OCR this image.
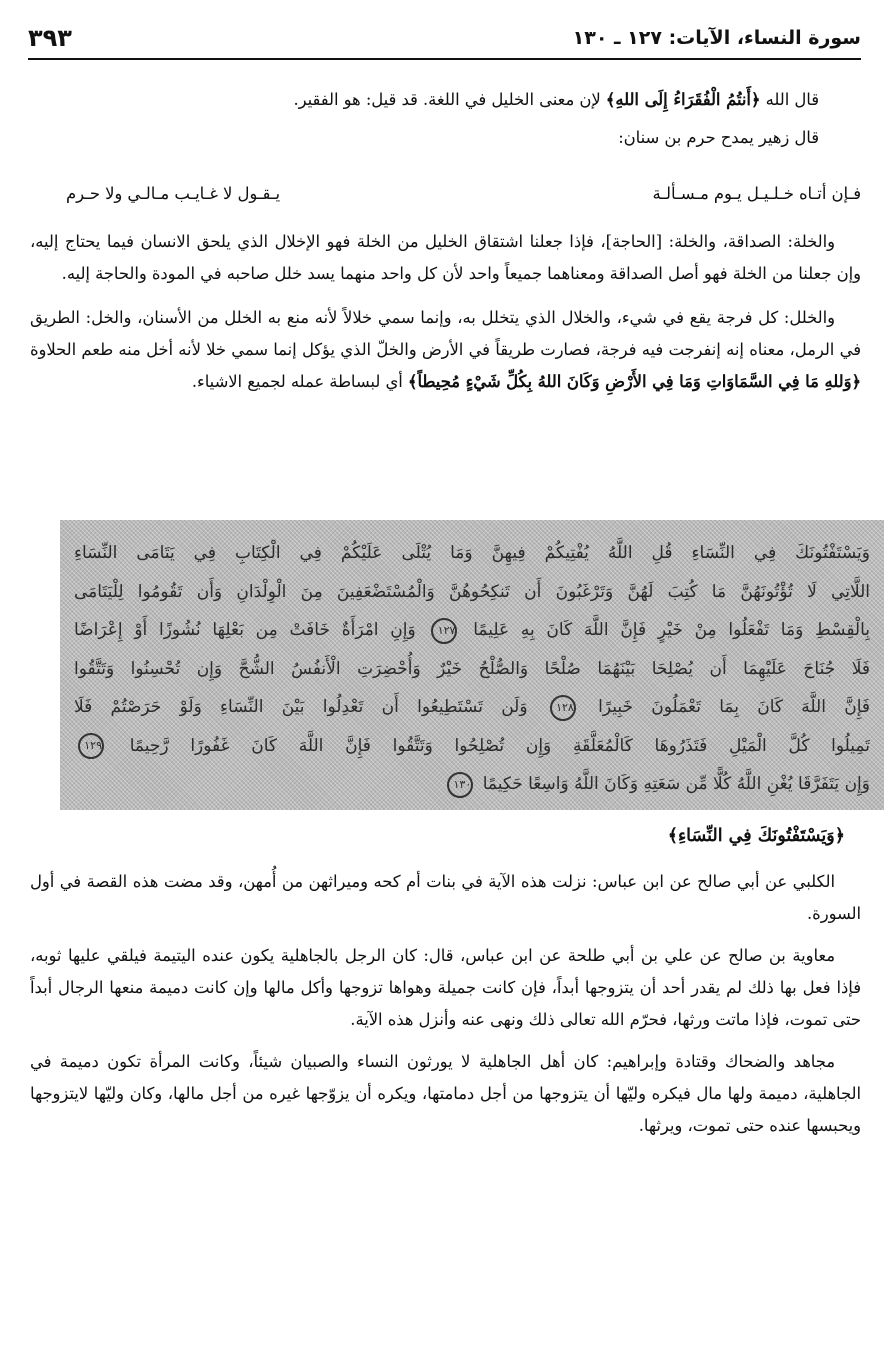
سورة النساء، الآيات: ١٢٧ ـ ١٣٠
٣٩٣

قال الله ﴿أَنتُمُ الْفُقَرَاءُ إِلَى اللهِ﴾ لإن معنى الخليل في اللغة. قد قيل: هو الفقير.

قال زهير يمدح حرم بن سنان:

فـإن أتـاه خـلـيـل يـوم مـسـألـة
يـقـول لا غـايـب مـالـي ولا حـرم

والخلة: الصداقة، والخلة: [الحاجة]، فإذا جعلنا اشتقاق الخليل من الخلة فهو الإخلال الذي يلحق الانسان فيما يحتاج إليه، وإن جعلنا من الخلة فهو أصل الصداقة ومعناهما جميعاً واحد لأن كل واحد منهما يسد خلل صاحبه في المودة والحاجة إليه.

والخلل: كل فرجة يقع في شيء، والخلال الذي يتخلل به، وإنما سمي خلالاً لأنه منع به الخلل من الأسنان، والخل: الطريق في الرمل، معناه إنه إنفرجت فيه فرجة، فصارت طريقاً في الأرض والخلّ الذي يؤكل إنما سمي خلا لأنه أخل منه طعم الحلاوة ﴿وَللهِ مَا فِي السَّمَاوَاتِ وَمَا فِي الأَرْضِ وَكَانَ اللهُ بِكُلِّ شَيْءٍ مُحِيطاً﴾ أي لبساطة عمله لجميع الاشياء.

وَيَسْتَفْتُونَكَ فِي النِّسَاءِ قُلِ اللَّهُ يُفْتِيكُمْ فِيهِنَّ وَمَا يُتْلَى عَلَيْكُمْ فِي الْكِتَابِ فِي يَتَامَى النِّسَاءِ
اللَّاتِي لَا تُؤْتُونَهُنَّ مَا كُتِبَ لَهُنَّ وَتَرْغَبُونَ أَن تَنكِحُوهُنَّ وَالْمُسْتَضْعَفِينَ مِنَ الْوِلْدَانِ وَأَن تَقُومُوا لِلْيَتَامَى
بِالْقِسْطِ وَمَا تَفْعَلُوا مِنْ خَيْرٍ فَإِنَّ اللَّهَ كَانَ بِهِ عَلِيمًا ١٢٧ وَإِنِ امْرَأَةٌ خَافَتْ مِن بَعْلِهَا نُشُوزًا أَوْ إِعْرَاضًا
فَلَا جُنَاحَ عَلَيْهِمَا أَن يُصْلِحَا بَيْنَهُمَا صُلْحًا وَالصُّلْحُ خَيْرٌ وَأُحْضِرَتِ الْأَنفُسُ الشُّحَّ وَإِن تُحْسِنُوا وَتَتَّقُوا
فَإِنَّ اللَّهَ كَانَ بِمَا تَعْمَلُونَ خَبِيرًا ١٢٨ وَلَن تَسْتَطِيعُوا أَن تَعْدِلُوا بَيْنَ النِّسَاءِ وَلَوْ حَرَصْتُمْ فَلَا
تَمِيلُوا كُلَّ الْمَيْلِ فَتَذَرُوهَا كَالْمُعَلَّقَةِ وَإِن تُصْلِحُوا وَتَتَّقُوا فَإِنَّ اللَّهَ كَانَ غَفُورًا رَّحِيمًا ١٢٩
وَإِن يَتَفَرَّقَا يُغْنِ اللَّهُ كُلًّا مِّن سَعَتِهِ وَكَانَ اللَّهُ وَاسِعًا حَكِيمًا ١٣٠
﴿وَيَسْتَفْتُونَكَ فِي النِّسَاءِ﴾

الكلبي عن أبي صالح عن ابن عباس: نزلت هذه الآية في بنات أم كحه وميراثهن من أُمهن، وقد مضت هذه القصة في أول السورة.

معاوية بن صالح عن علي بن أبي طلحة عن ابن عباس، قال: كان الرجل بالجاهلية يكون عنده اليتيمة فيلقي عليها ثوبه، فإذا فعل بها ذلك لم يقدر أحد أن يتزوجها أبداً، فإن كانت جميلة وهواها تزوجها وأكل مالها وإن كانت دميمة منعها الرجال أبداً حتى تموت، فإذا ماتت ورثها، فحرّم الله تعالى ذلك ونهى عنه وأنزل هذه الآية.

مجاهد والضحاك وقتادة وإبراهيم: كان أهل الجاهلية لا يورثون النساء والصبيان شيئاً، وكانت المرأة تكون دميمة في الجاهلية، دميمة ولها مال فيكره وليّها أن يتزوجها من أجل دمامتها، ويكره أن يزوّجها غيره من أجل مالها، وكان وليّها لايتزوجها ويحبسها عنده حتى تموت، ويرثها.
